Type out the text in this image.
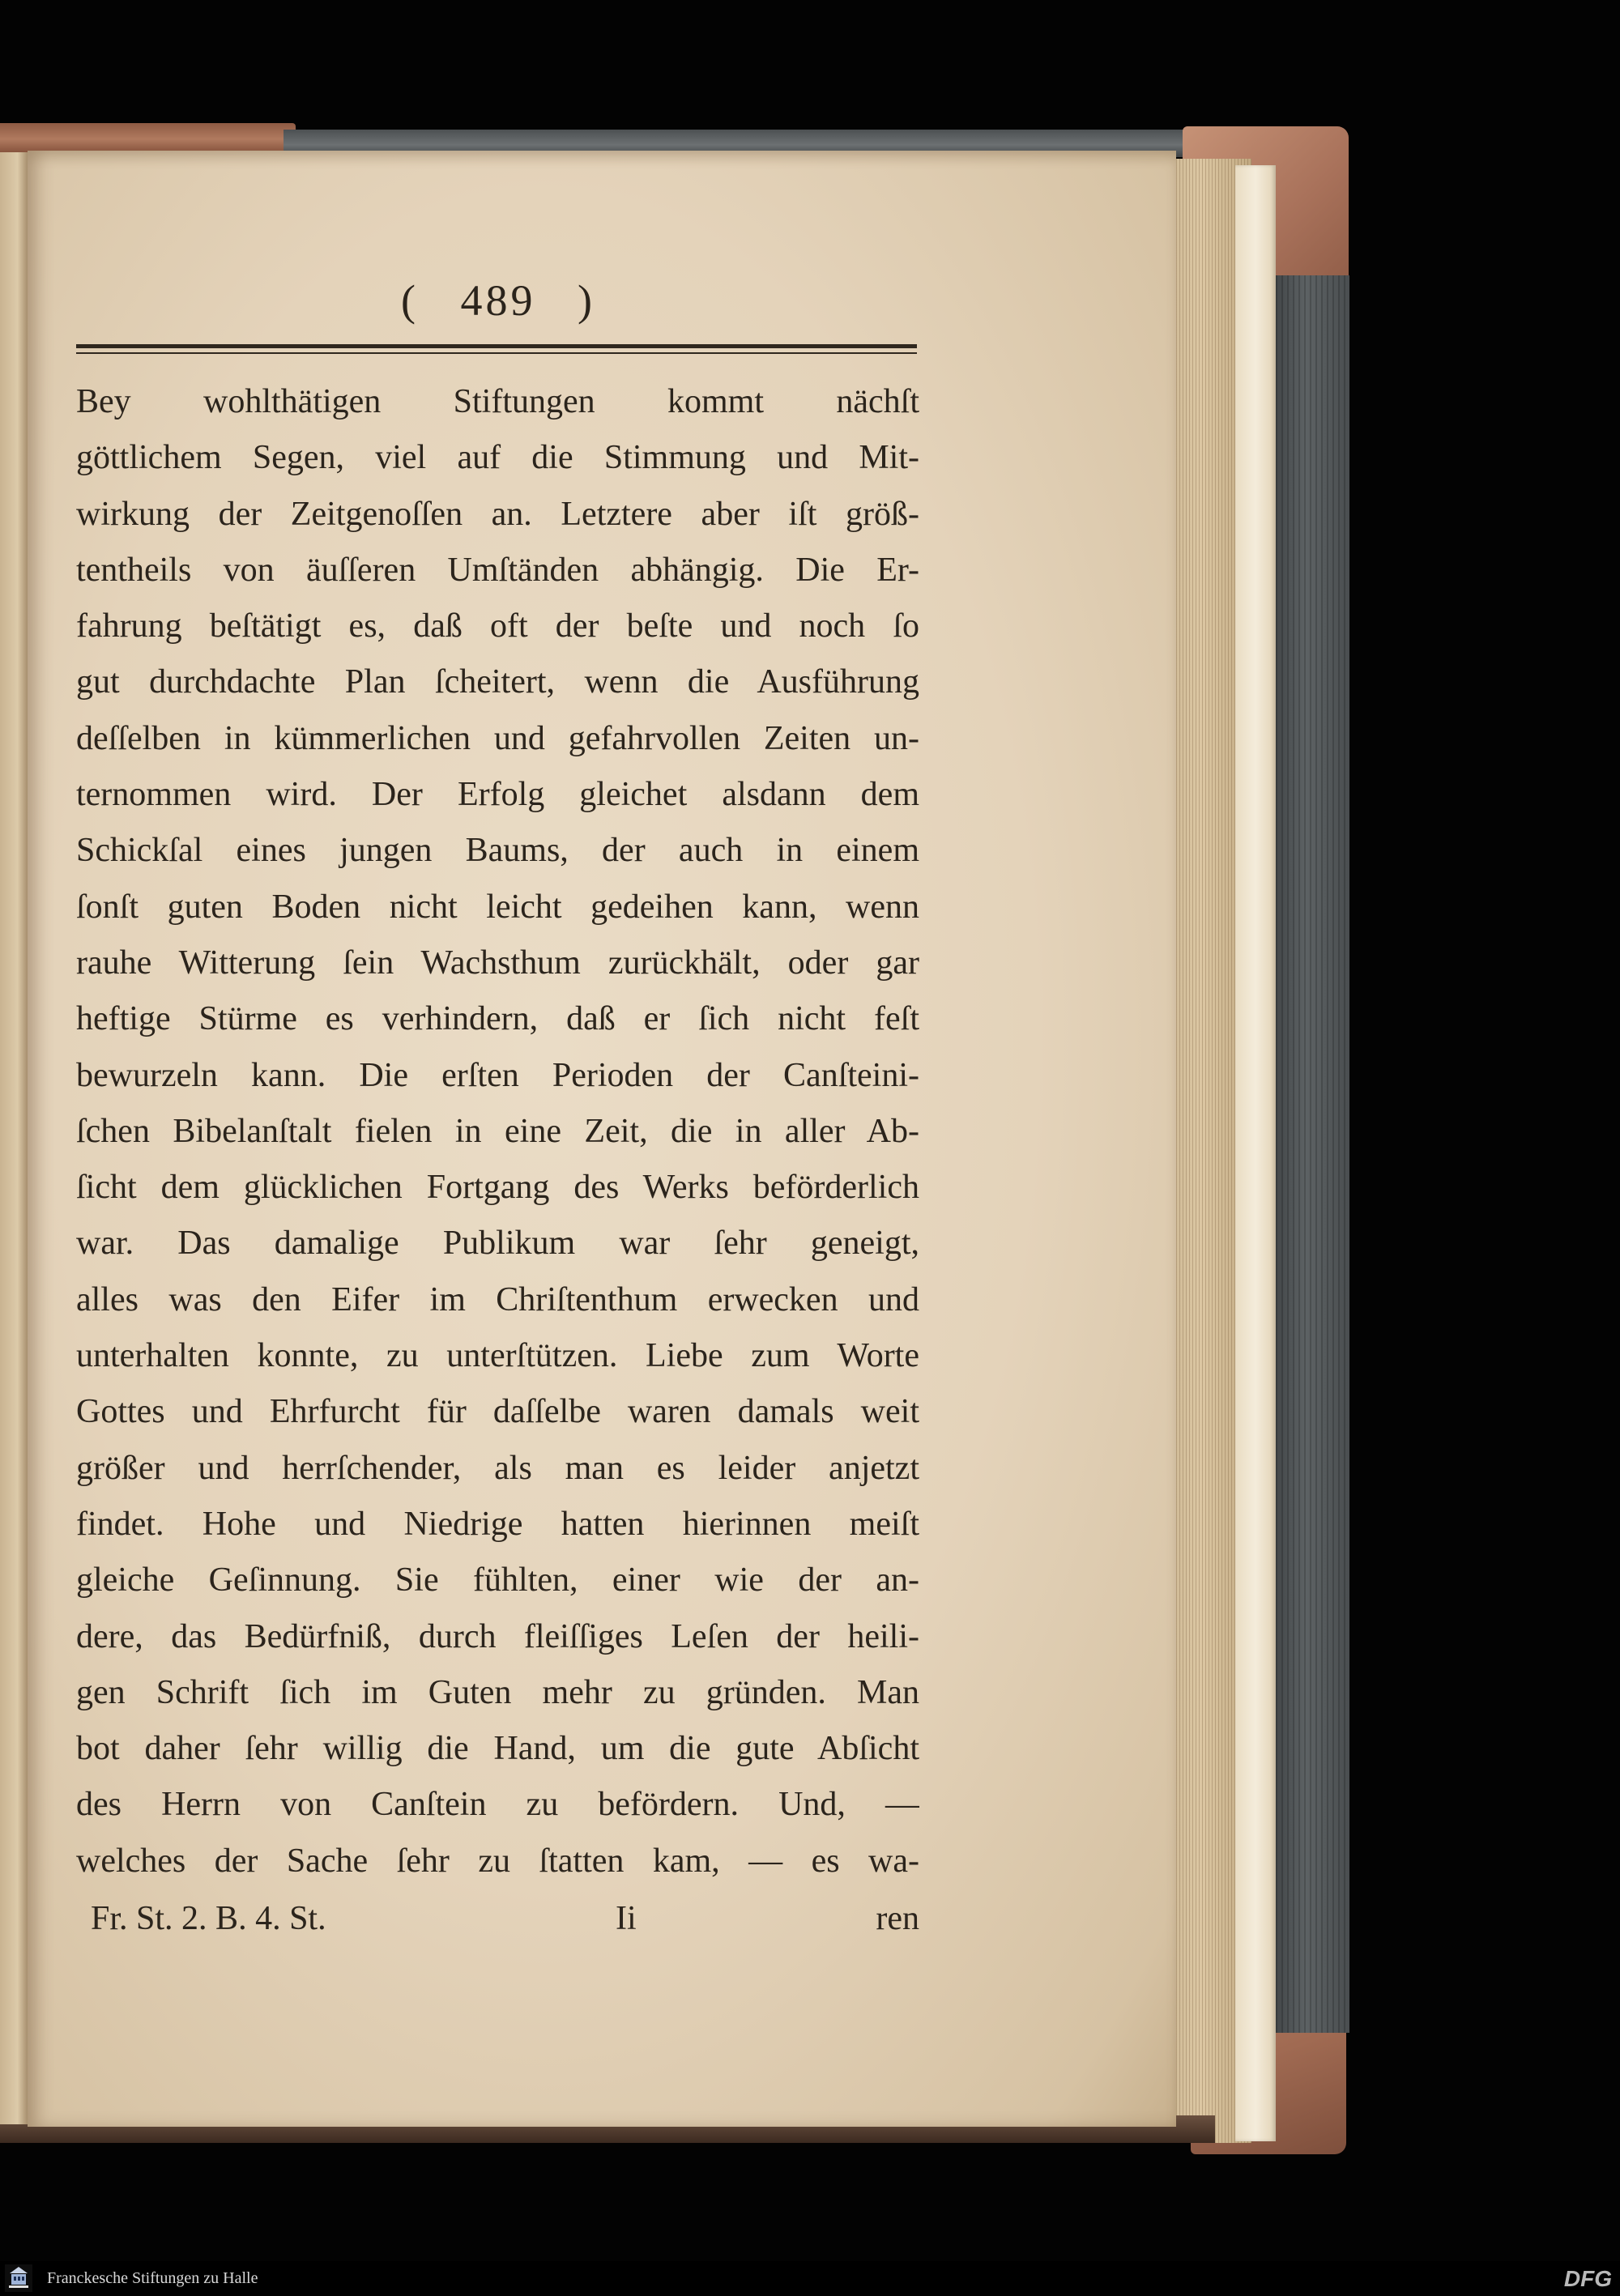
( 489 )
Bey wohlthätigen Stiftungen kommt nächſt
göttlichem Segen, viel auf die Stimmung und Mit-
wirkung der Zeitgenoſſen an. Letztere aber iſt größ-
tentheils von äuſſeren Umſtänden abhängig. Die Er-
fahrung beſtätigt es, daß oft der beſte und noch ſo
gut durchdachte Plan ſcheitert, wenn die Ausführung
deſſelben in kümmerlichen und gefahrvollen Zeiten un-
ternommen wird. Der Erfolg gleichet alsdann dem
Schickſal eines jungen Baums, der auch in einem
ſonſt guten Boden nicht leicht gedeihen kann, wenn
rauhe Witterung ſein Wachsthum zurückhält, oder gar
heftige Stürme es verhindern, daß er ſich nicht feſt
bewurzeln kann. Die erſten Perioden der Canſteini-
ſchen Bibelanſtalt fielen in eine Zeit, die in aller Ab-
ſicht dem glücklichen Fortgang des Werks beförderlich
war. Das damalige Publikum war ſehr geneigt,
alles was den Eifer im Chriſtenthum erwecken und
unterhalten konnte, zu unterſtützen. Liebe zum Worte
Gottes und Ehrfurcht für daſſelbe waren damals weit
größer und herrſchender, als man es leider anjetzt
findet. Hohe und Niedrige hatten hierinnen meiſt
gleiche Geſinnung. Sie fühlten, einer wie der an-
dere, das Bedürfniß, durch fleiſſiges Leſen der heili-
gen Schrift ſich im Guten mehr zu gründen. Man
bot daher ſehr willig die Hand, um die gute Abſicht
des Herrn von Canſtein zu befördern. Und, —
welches der Sache ſehr zu ſtatten kam, — es wa-
Fr. St. 2. B. 4. St.	Ii	ren
Franckesche Stiftungen zu Halle	DFG
